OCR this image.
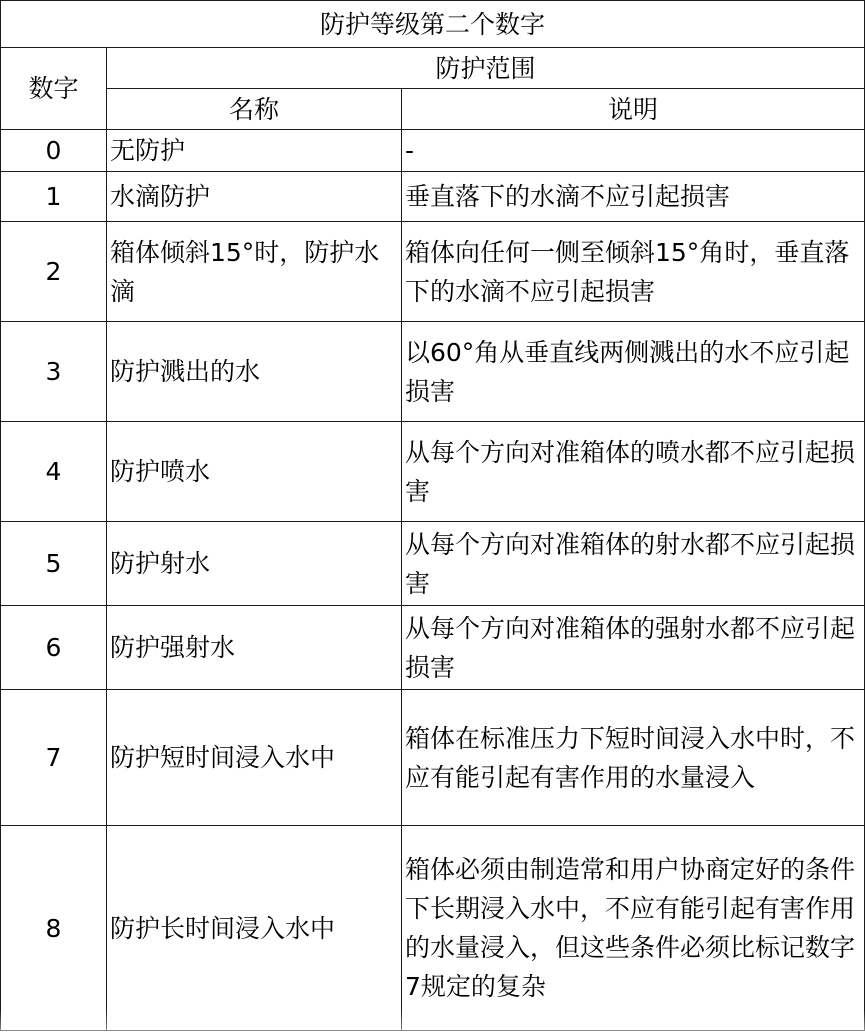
防护等级第二个数字		
数字	防护范围	
	名称	说明
0	无防护	-
1	水滴防护	垂直落下的水滴不应引起损害
2	箱体倾斜15°时，防护水滴	箱体向任何一侧至倾斜15°角时，垂直落下的水滴不应引起损害
3	防护溅出的水	以60°角从垂直线两侧溅出的水不应引起损害
4	防护喷水	从每个方向对准箱体的喷水都不应引起损害
5	防护射水	从每个方向对准箱体的射水都不应引起损害
6	防护强射水	从每个方向对准箱体的强射水都不应引起损害
7	防护短时间浸入水中	箱体在标准压力下短时间浸入水中时，不应有能引起有害作用的水量浸入
8	防护长时间浸入水中	箱体必须由制造常和用户协商定好的条件下长期浸入水中，不应有能引起有害作用的水量浸入，但这些条件必须比标记数字7规定的复杂
